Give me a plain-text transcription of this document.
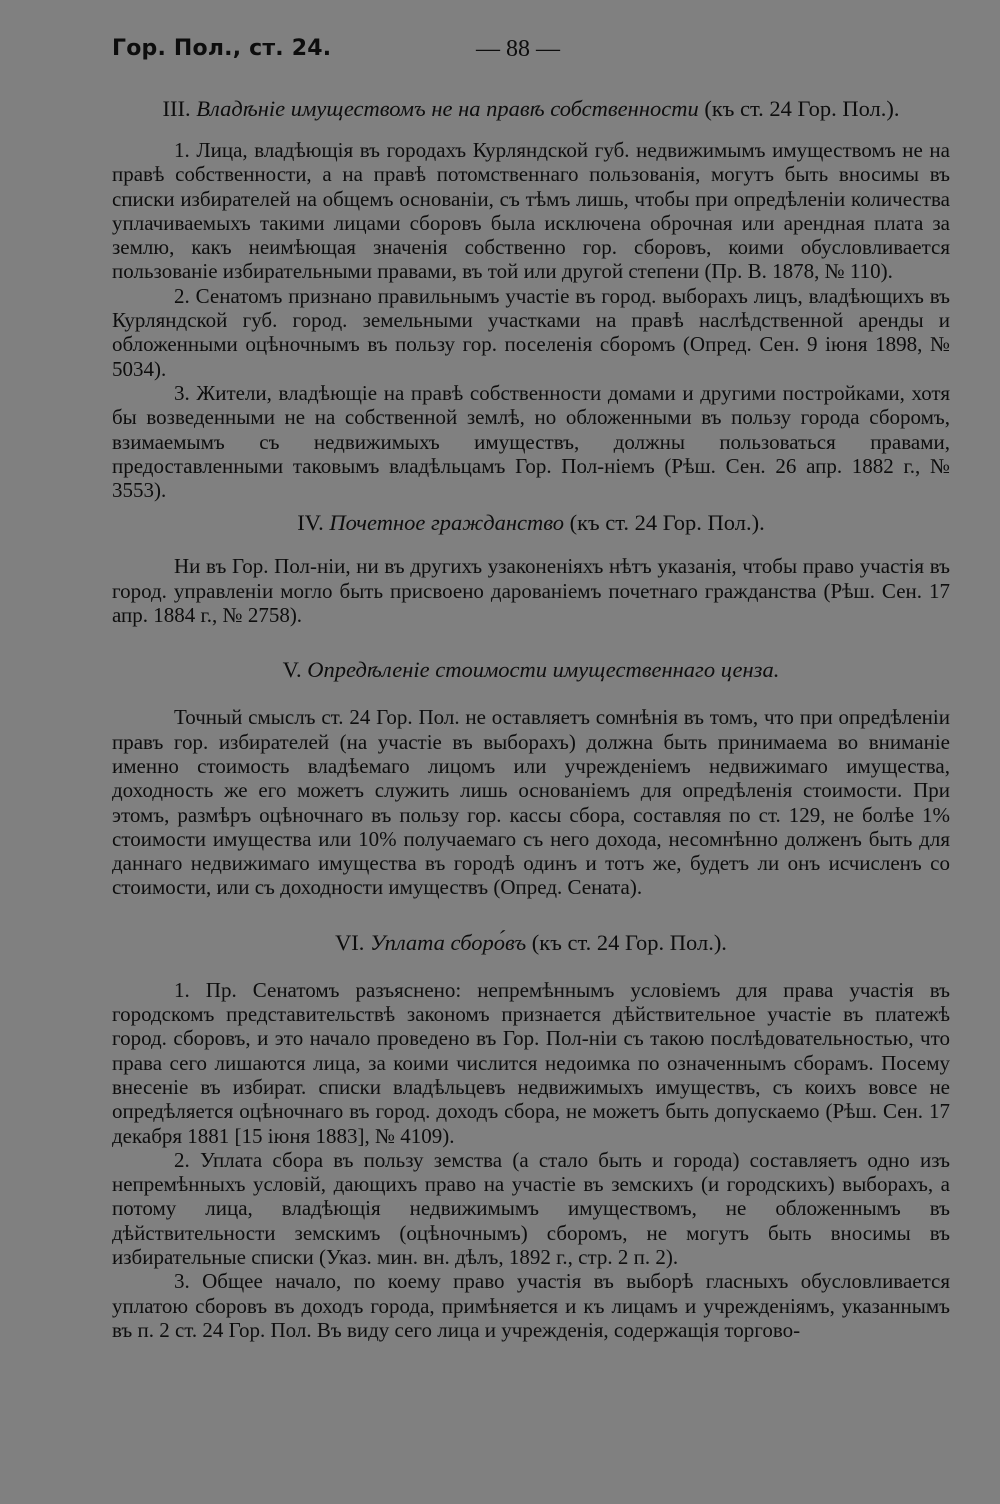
Гор. Пол., ст. 24.	— 88 —
III. Владѣніе имуществомъ не на правѣ собственности (къ ст. 24 Гор. Пол.).

1. Лица, владѣющія въ городахъ Курляндской губ. недвижимымъ имуществомъ не на правѣ собственности, а на правѣ потомственнаго пользованія, могутъ быть вносимы въ списки избирателей на общемъ основаніи, съ тѣмъ лишь, чтобы при опредѣленіи количества уплачиваемыхъ такими лицами сборовъ была исключена оброчная или арендная плата за землю, какъ неимѣющая значенія собственно гор. сборовъ, коими обусловливается пользованіе избирательными правами, въ той или другой степени (Пр. В. 1878, № 110).

2. Сенатомъ признано правильнымъ участіе въ город. выборахъ лицъ, владѣющихъ въ Курляндской губ. город. земельными участками на правѣ наслѣдственной аренды и обложенными оцѣночнымъ въ пользу гор. поселенія сборомъ (Опред. Сен. 9 іюня 1898, № 5034).

3. Жители, владѣющіе на правѣ собственности домами и другими постройками, хотя бы возведенными не на собственной землѣ, но обложенными въ пользу города сборомъ, взимаемымъ съ недвижимыхъ имуществъ, должны пользоваться правами, предоставленными таковымъ владѣльцамъ Гор. Пол-ніемъ (Рѣш. Сен. 26 апр. 1882 г., № 3553).

IV. Почетное гражданство (къ ст. 24 Гор. Пол.).

Ни въ Гор. Пол-ніи, ни въ другихъ узаконеніяхъ нѣтъ указанія, чтобы право участія въ город. управленіи могло быть присвоено дарованіемъ почетнаго гражданства (Рѣш. Сен. 17 апр. 1884 г., № 2758).

V. Опредѣленіе стоимости имущественнаго ценза.

Точный смыслъ ст. 24 Гор. Пол. не оставляетъ сомнѣнія въ томъ, что при опредѣленіи правъ гор. избирателей (на участіе въ выборахъ) должна быть принимаема во вниманіе именно стоимость владѣемаго лицомъ или учрежденіемъ недвижимаго имущества, доходность же его можетъ служить лишь основаніемъ для опредѣленія стоимости. При этомъ, размѣръ оцѣночнаго въ пользу гор. кассы сбора, составляя по ст. 129, не болѣе 1% стоимости имущества или 10% получаемаго съ него дохода, несомнѣнно долженъ быть для даннаго недвижимаго имущества въ городѣ одинъ и тотъ же, будетъ ли онъ исчисленъ со стоимости, или съ доходности имуществъ (Опред. Сената).

VI. Уплата сборо́въ (къ ст. 24 Гор. Пол.).

1. Пр. Сенатомъ разъяснено: непремѣннымъ условіемъ для права участія въ городскомъ представительствѣ закономъ признается дѣйствительное участіе въ платежѣ город. сборовъ, и это начало проведено въ Гор. Пол-ніи съ такою послѣдовательностью, что права сего лишаются лица, за коими числится недоимка по означеннымъ сборамъ. Посему внесеніе въ избират. списки владѣльцевъ недвижимыхъ имуществъ, съ коихъ вовсе не опредѣляется оцѣночнаго въ город. доходъ сбора, не можетъ быть допускаемо (Рѣш. Сен. 17 декабря 1881 [15 іюня 1883], № 4109).

2. Уплата сбора въ пользу земства (а стало быть и города) составляетъ одно изъ непремѣнныхъ условій, дающихъ право на участіе въ земскихъ (и городскихъ) выборахъ, а потому лица, владѣющія недвижимымъ имуществомъ, не обложеннымъ въ дѣйствительности земскимъ (оцѣночнымъ) сборомъ, не могутъ быть вносимы въ избирательные списки (Указ. мин. вн. дѣлъ, 1892 г., стр. 2 п. 2).

3. Общее начало, по коему право участія въ выборѣ гласныхъ обусловливается уплатою сборовъ въ доходъ города, примѣняется и къ лицамъ и учрежденіямъ, указаннымъ въ п. 2 ст. 24 Гор. Пол. Въ виду сего лица и учрежденія, содержащія торгово-
